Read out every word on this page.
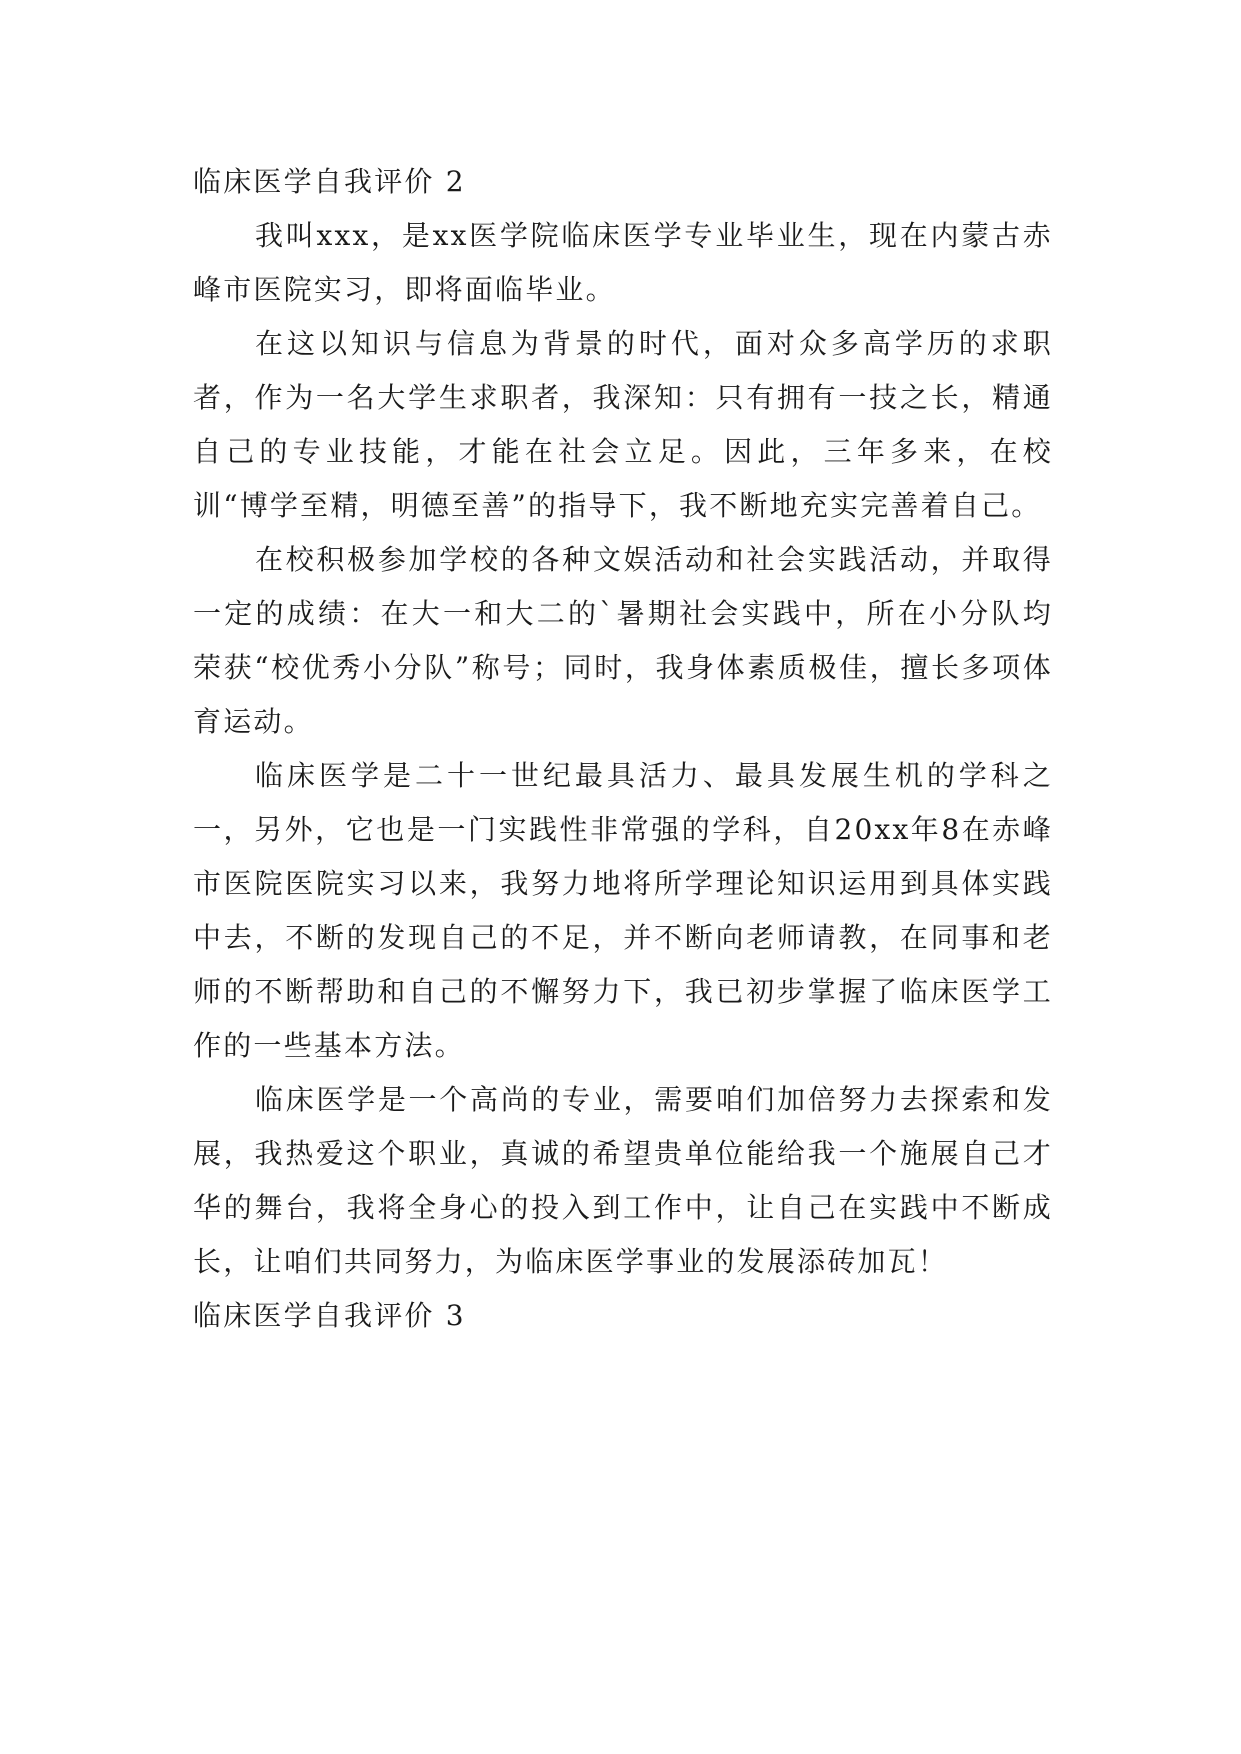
临床医学自我评价 2

我叫xxx，是xx医学院临床医学专业毕业生，现在内蒙古赤峰市医院实习，即将面临毕业。

在这以知识与信息为背景的时代，面对众多高学历的求职者，作为一名大学生求职者，我深知：只有拥有一技之长，精通自己的专业技能，才能在社会立足。因此，三年多来，在校训“博学至精，明德至善”的指导下，我不断地充实完善着自己。

在校积极参加学校的各种文娱活动和社会实践活动，并取得一定的成绩：在大一和大二的`暑期社会实践中，所在小分队均荣获“校优秀小分队”称号；同时，我身体素质极佳，擅长多项体育运动。

临床医学是二十一世纪最具活力、最具发展生机的学科之一，另外，它也是一门实践性非常强的学科，自20xx年8在赤峰市医院医院实习以来，我努力地将所学理论知识运用到具体实践中去，不断的发现自己的不足，并不断向老师请教，在同事和老师的不断帮助和自己的不懈努力下，我已初步掌握了临床医学工作的一些基本方法。

临床医学是一个高尚的专业，需要咱们加倍努力去探索和发展，我热爱这个职业，真诚的希望贵单位能给我一个施展自己才华的舞台，我将全身心的投入到工作中，让自己在实践中不断成长，让咱们共同努力，为临床医学事业的发展添砖加瓦！

临床医学自我评价 3
